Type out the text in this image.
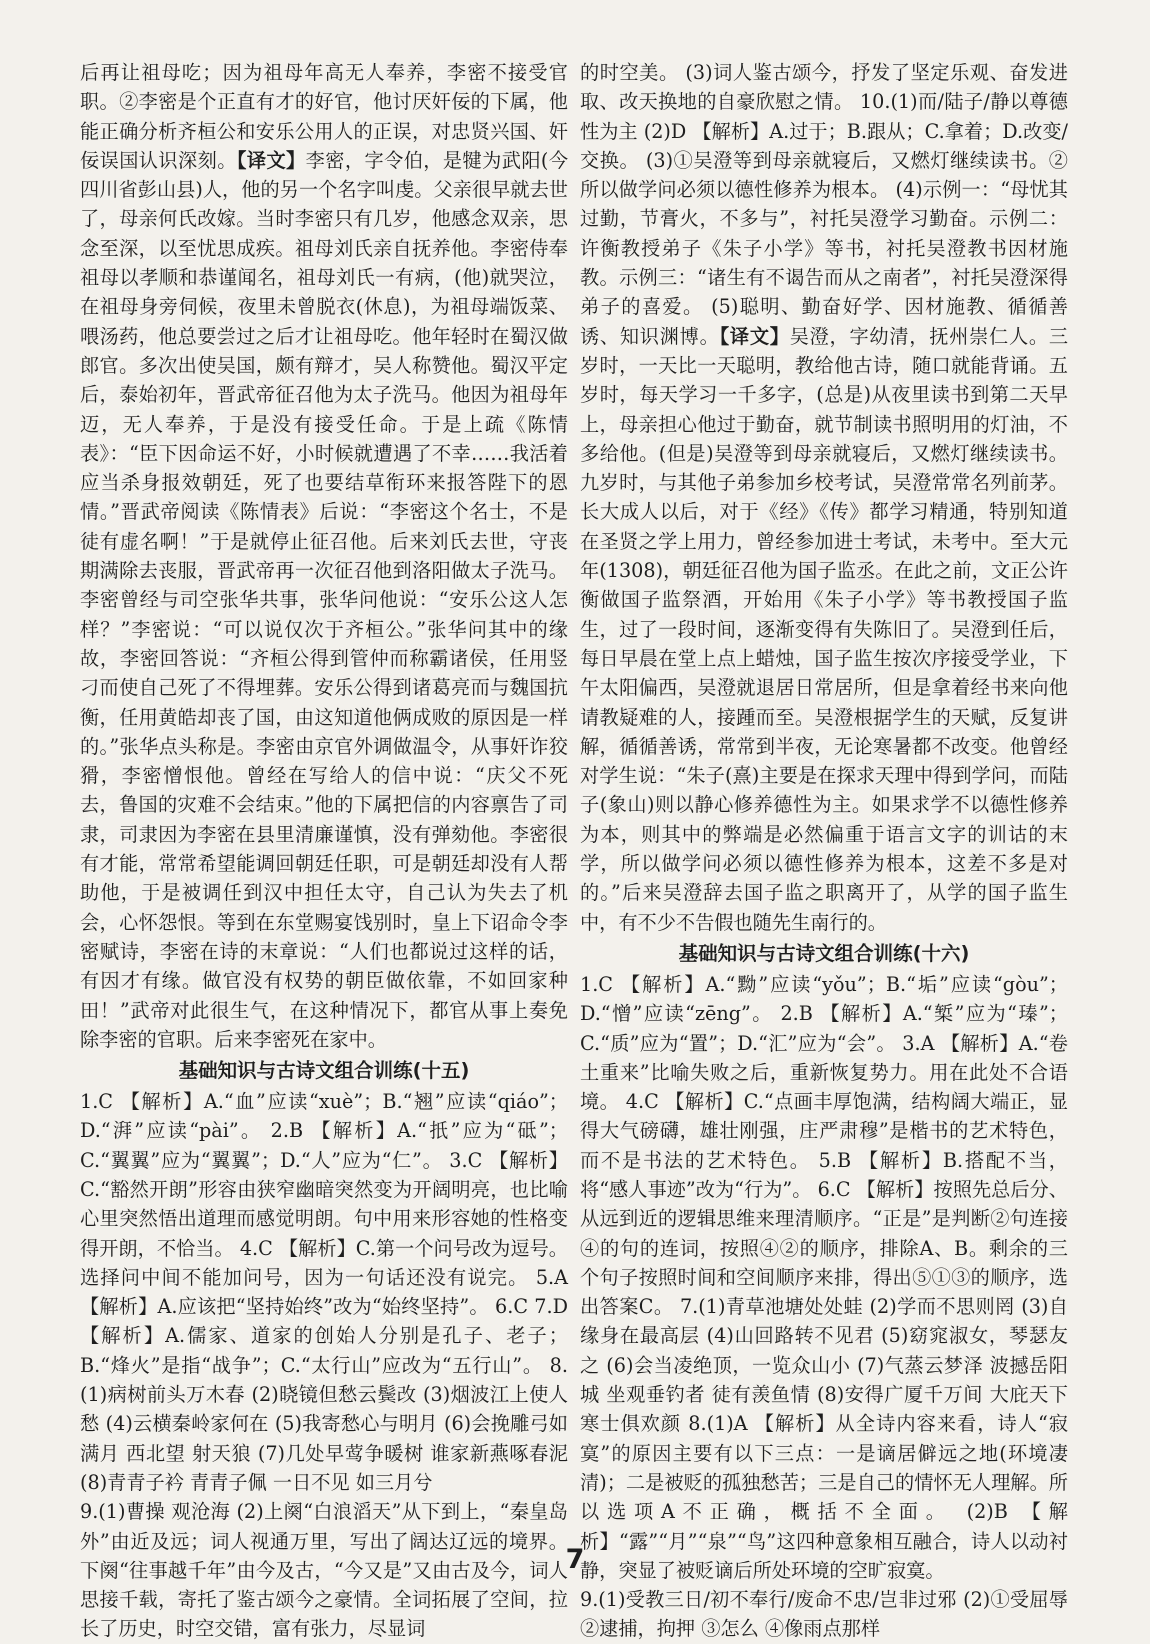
后再让祖母吃；因为祖母年高无人奉养，李密不接受官职。②李密是个正直有才的好官，他讨厌奸佞的下属，他能正确分析齐桓公和安乐公用人的正误，对忠贤兴国、奸佞误国认识深刻。【译文】李密，字令伯，是犍为武阳(今四川省彭山县)人，他的另一个名字叫虔。父亲很早就去世了，母亲何氏改嫁。当时李密只有几岁，他感念双亲，思念至深，以至忧思成疾。祖母刘氏亲自抚养他。李密侍奉祖母以孝顺和恭谨闻名，祖母刘氏一有病，(他)就哭泣，在祖母身旁伺候，夜里未曾脱衣(休息)，为祖母端饭菜、喂汤药，他总要尝过之后才让祖母吃。他年轻时在蜀汉做郎官。多次出使吴国，颇有辩才，吴人称赞他。蜀汉平定后，泰始初年，晋武帝征召他为太子洗马。他因为祖母年迈，无人奉养，于是没有接受任命。于是上疏《陈情表》：“臣下因命运不好，小时候就遭遇了不幸……我活着应当杀身报效朝廷，死了也要结草衔环来报答陛下的恩情。”晋武帝阅读《陈情表》后说：“李密这个名士，不是徒有虚名啊！”于是就停止征召他。后来刘氏去世，守丧期满除去丧服，晋武帝再一次征召他到洛阳做太子洗马。李密曾经与司空张华共事，张华问他说：“安乐公这人怎样？”李密说：“可以说仅次于齐桓公。”张华问其中的缘故，李密回答说：“齐桓公得到管仲而称霸诸侯，任用竖刁而使自己死了不得埋葬。安乐公得到诸葛亮而与魏国抗衡，任用黄皓却丧了国，由这知道他俩成败的原因是一样的。”张华点头称是。李密由京官外调做温令，从事奸诈狡猾，李密憎恨他。曾经在写给人的信中说：“庆父不死去，鲁国的灾难不会结束。”他的下属把信的内容禀告了司隶，司隶因为李密在县里清廉谨慎，没有弹劾他。李密很有才能，常常希望能调回朝廷任职，可是朝廷却没有人帮助他，于是被调任到汉中担任太守，自己认为失去了机会，心怀怨恨。等到在东堂赐宴饯别时，皇上下诏命令李密赋诗，李密在诗的末章说：“人们也都说过这样的话，有因才有缘。做官没有权势的朝臣做依靠，不如回家种田！”武帝对此很生气，在这种情况下，都官从事上奏免除李密的官职。后来李密死在家中。

基础知识与古诗文组合训练(十五)

1.C 【解析】A.“血”应读“xuè”；B.“翘”应读“qiáo”；D.“湃”应读“pài”。 2.B 【解析】A.“扺”应为“砥”；C.“翼翼”应为“翼翼”；D.“人”应为“仁”。 3.C 【解析】C.“豁然开朗”形容由狭窄幽暗突然变为开阔明亮，也比喻心里突然悟出道理而感觉明朗。句中用来形容她的性格变得开朗，不恰当。 4.C 【解析】C.第一个问号改为逗号。选择问中间不能加问号，因为一句话还没有说完。 5.A 【解析】A.应该把“坚持始终”改为“始终坚持”。 6.C 7.D 【解析】A.儒家、道家的创始人分别是孔子、老子；B.“烽火”是指“战争”；C.“太行山”应改为“五行山”。 8.(1)病树前头万木春 (2)晓镜但愁云鬓改 (3)烟波江上使人愁 (4)云横秦岭家何在 (5)我寄愁心与明月 (6)会挽雕弓如满月 西北望 射天狼 (7)几处早莺争暖树 谁家新燕啄春泥 (8)青青子衿 青青子佩 一日不见 如三月兮

9.(1)曹操 观沧海 (2)上阕“白浪滔天”从下到上，“秦皇岛外”由近及远；词人视通万里，写出了阔达辽远的境界。下阕“往事越千年”由今及古，“今又是”又由古及今，词人思接千载，寄托了鉴古颂今之豪情。全词拓展了空间，拉长了历史，时空交错，富有张力，尽显词

的时空美。 (3)词人鉴古颂今，抒发了坚定乐观、奋发进取、改天换地的自豪欣慰之情。 10.(1)而/陆子/静以尊德性为主 (2)D 【解析】A.过于；B.跟从；C.拿着；D.改变/交换。 (3)①吴澄等到母亲就寝后，又燃灯继续读书。②所以做学问必须以德性修养为根本。 (4)示例一：“母忧其过勤，节膏火，不多与”，衬托吴澄学习勤奋。示例二：许衡教授弟子《朱子小学》等书，衬托吴澄教书因材施教。示例三：“诸生有不谒告而从之南者”，衬托吴澄深得弟子的喜爱。 (5)聪明、勤奋好学、因材施教、循循善诱、知识渊博。【译文】吴澄，字幼清，抚州崇仁人。三岁时，一天比一天聪明，教给他古诗，随口就能背诵。五岁时，每天学习一千多字，(总是)从夜里读书到第二天早上，母亲担心他过于勤奋，就节制读书照明用的灯油，不多给他。(但是)吴澄等到母亲就寝后，又燃灯继续读书。九岁时，与其他子弟参加乡校考试，吴澄常常名列前茅。长大成人以后，对于《经》《传》都学习精通，特别知道在圣贤之学上用力，曾经参加进士考试，未考中。至大元年(1308)，朝廷征召他为国子监丞。在此之前，文正公许衡做国子监祭酒，开始用《朱子小学》等书教授国子监生，过了一段时间，逐渐变得有失陈旧了。吴澄到任后，每日早晨在堂上点上蜡烛，国子监生按次序接受学业，下午太阳偏西，吴澄就退居日常居所，但是拿着经书来向他请教疑难的人，接踵而至。吴澄根据学生的天赋，反复讲解，循循善诱，常常到半夜，无论寒暑都不改变。他曾经对学生说：“朱子(熹)主要是在探求天理中得到学问，而陆子(象山)则以静心修养德性为主。如果求学不以德性修养为本，则其中的弊端是必然偏重于语言文字的训诂的末学，所以做学问必须以德性修养为根本，这差不多是对的。”后来吴澄辞去国子监之职离开了，从学的国子监生中，有不少不告假也随先生南行的。

基础知识与古诗文组合训练(十六)

1.C 【解析】A.“黝”应读“yǒu”；B.“垢”应读“gòu”；D.“憎”应读“zēng”。 2.B 【解析】A.“椠”应为“瑧”；C.“质”应为“置”；D.“汇”应为“会”。 3.A 【解析】A.“卷土重来”比喻失败之后，重新恢复势力。用在此处不合语境。 4.C 【解析】C.“点画丰厚饱满，结构阔大端正，显得大气磅礴，雄壮刚强，庄严肃穆”是楷书的艺术特色，而不是书法的艺术特色。 5.B 【解析】B.搭配不当，将“感人事迹”改为“行为”。 6.C 【解析】按照先总后分、从远到近的逻辑思维来理清顺序。“正是”是判断②句连接④的句的连词，按照④②的顺序，排除A、B。剩余的三个句子按照时间和空间顺序来排，得出⑤①③的顺序，选出答案C。 7.(1)青草池塘处处蛙 (2)学而不思则罔 (3)自缘身在最高层 (4)山回路转不见君 (5)窈窕淑女，琴瑟友之 (6)会当凌绝顶，一览众山小 (7)气蒸云梦泽 波撼岳阳城 坐观垂钓者 徒有羡鱼情 (8)安得广厦千万间 大庇天下寒士俱欢颜 8.(1)A 【解析】从全诗内容来看，诗人“寂寞”的原因主要有以下三点：一是谪居僻远之地(环境凄清)；二是被贬的孤独愁苦；三是自己的情怀无人理解。所以选项A不正确，概括不全面。 (2)B 【解析】“露”“月”“泉”“鸟”这四种意象相互融合，诗人以动衬静，突显了被贬谪后所处环境的空旷寂寞。

9.(1)受教三日/初不奉行/废命不忠/岂非过邪 (2)①受屈辱 ②逮捕，拘押 ③怎么 ④像雨点那样

7
